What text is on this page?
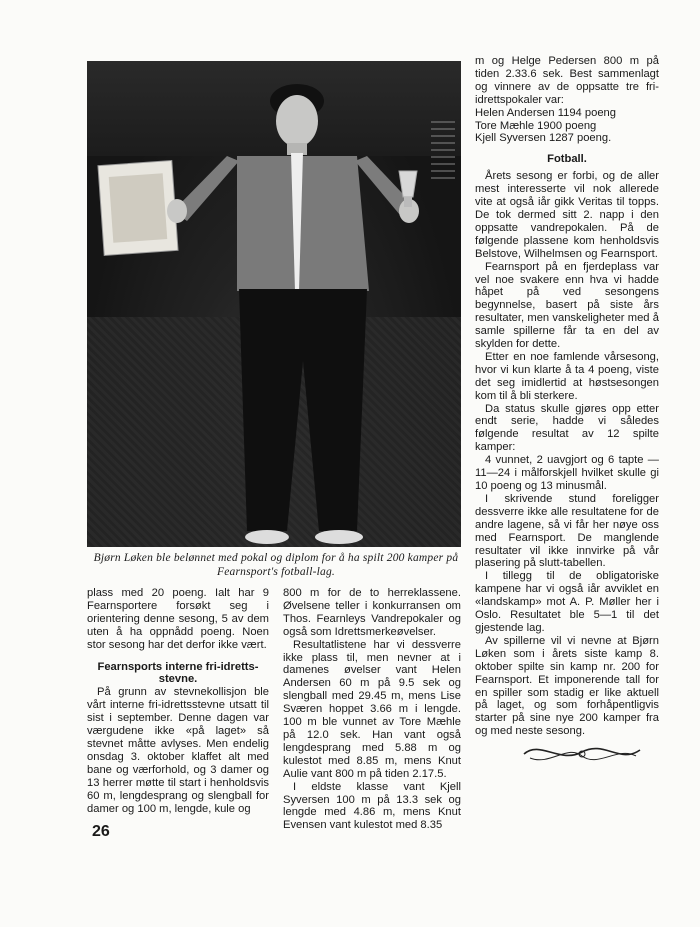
Bjørn Løken ble belønnet med pokal og diplom for å ha spilt 200 kamper på Fearnsport's fotball-lag.

plass med 20 poeng. Ialt har 9 Fearnsportere forsøkt seg i orientering denne sesong, 5 av dem uten å ha oppnådd poeng. Noen stor sesong har det derfor ikke vært.

Fearnsports interne fri-idretts-stevne.

På grunn av stevnekollisjon ble vårt interne fri-idrettsstevne utsatt til sist i september. Denne dagen var værgudene ikke «på laget» så stevnet måtte avlyses. Men endelig onsdag 3. oktober klaffet alt med bane og værforhold, og 3 damer og 13 herrer møtte til start i henholdsvis 60 m, lengdesprang og slengball for damer og 100 m, lengde, kule og

800 m for de to herreklassene. Øvelsene teller i konkurransen om Thos. Fearnleys Vandrepokaler og også som Idrettsmerkeøvelser.

Resultatlistene har vi dessverre ikke plass til, men nevner at i damenes øvelser vant Helen Andersen 60 m på 9.5 sek og slengball med 29.45 m, mens Lise Sværen hoppet 3.66 m i lengde. 100 m ble vunnet av Tore Mæhle på 12.0 sek. Han vant også lengdesprang med 5.88 m og kulestot med 8.85 m, mens Knut Aulie vant 800 m på tiden 2.17.5.

I eldste klasse vant Kjell Syversen 100 m på 13.3 sek og lengde med 4.86 m, mens Knut Evensen vant kulestot med 8.35

m og Helge Pedersen 800 m på tiden 2.33.6 sek. Best sammenlagt og vinnere av de oppsatte tre fri-idrettspokaler var:

Helen Andersen 1194 poeng
Tore Mæhle 1900 poeng
Kjell Syversen 1287 poeng.

Fotball.

Årets sesong er forbi, og de aller mest interesserte vil nok allerede vite at også iår gikk Veritas til topps. De tok dermed sitt 2. napp i den oppsatte vandrepokalen. På de følgende plassene kom henholdsvis Belstove, Wilhelmsen og Fearnsport.

Fearnsport på en fjerdeplass var vel noe svakere enn hva vi hadde håpet på ved sesongens begynnelse, basert på siste års resultater, men vanskeligheter med å samle spillerne får ta en del av skylden for dette.

Etter en noe famlende vårsesong, hvor vi kun klarte å ta 4 poeng, viste det seg imidlertid at høstsesongen kom til å bli sterkere.

Da status skulle gjøres opp etter endt serie, hadde vi således følgende resultat av 12 spilte kamper:

4 vunnet, 2 uavgjort og 6 tapte — 11—24 i målforskjell hvilket skulle gi 10 poeng og 13 minusmål.

I skrivende stund foreligger dessverre ikke alle resultatene for de andre lagene, så vi får her nøye oss med Fearnsport. De manglende resultater vil ikke innvirke på vår plasering på slutt-tabellen.

I tillegg til de obligatoriske kampene har vi også iår avviklet en «landskamp» mot A. P. Møller her i Oslo. Resultatet ble 5—1 til det gjestende lag.

Av spillerne vil vi nevne at Bjørn Løken som i årets siste kamp 8. oktober spilte sin kamp nr. 200 for Fearnsport. Et imponerende tall for en spiller som stadig er like aktuell på laget, og som forhåpentligvis starter på sine nye 200 kamper fra og med neste sesong.

26
